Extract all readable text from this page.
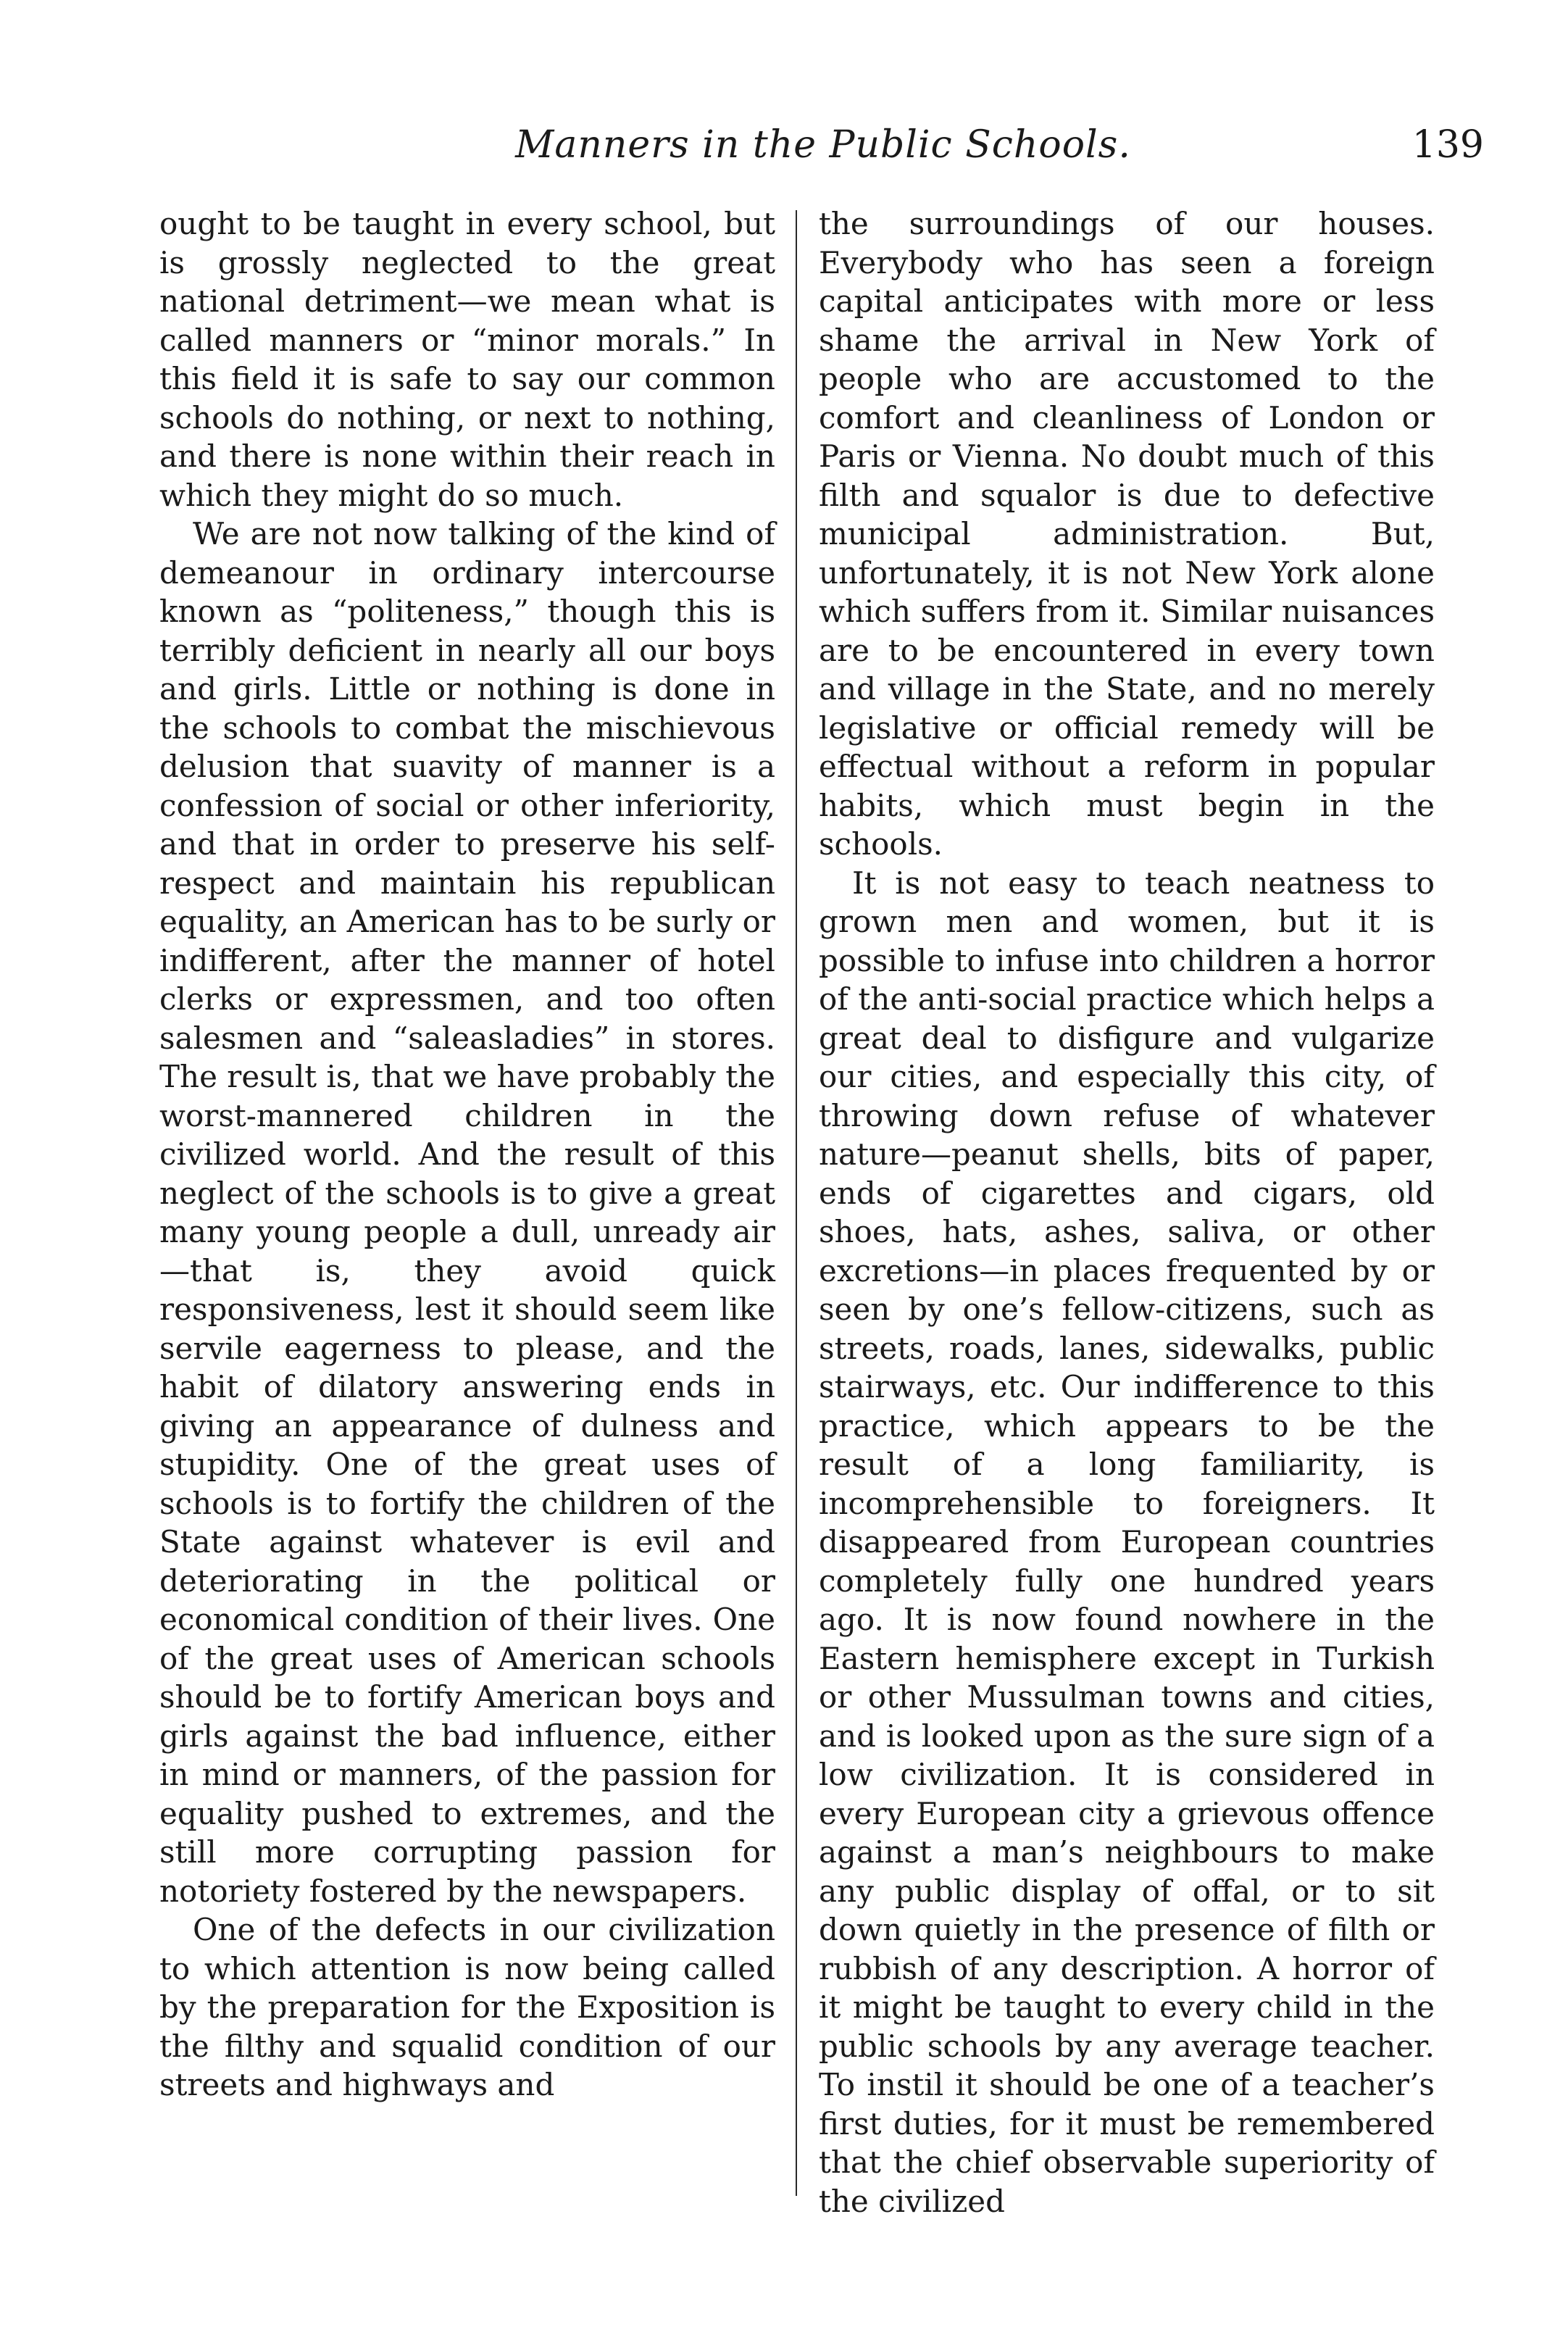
Manners in the Public Schools.	139

ought to be taught in every school, but is grossly neglected to the great national detriment—we mean what is called manners or “minor morals.” In this field it is safe to say our common schools do nothing, or next to nothing, and there is none within their reach in which they might do so much.

We are not now talking of the kind of demeanour in ordinary intercourse known as “politeness,” though this is terribly deficient in nearly all our boys and girls. Little or nothing is done in the schools to combat the mischievous delusion that suavity of manner is a confession of social or other inferiority, and that in order to preserve his self-respect and maintain his republican equality, an American has to be surly or indifferent, after the manner of hotel clerks or expressmen, and too often salesmen and “saleasladies” in stores. The result is, that we have probably the worst-mannered children in the civilized world. And the result of this neglect of the schools is to give a great many young people a dull, unready air—that is, they avoid quick responsiveness, lest it should seem like servile eagerness to please, and the habit of dilatory answering ends in giving an appearance of dulness and stupidity. One of the great uses of schools is to fortify the children of the State against whatever is evil and deteriorating in the political or economical condition of their lives. One of the great uses of American schools should be to fortify American boys and girls against the bad influence, either in mind or manners, of the passion for equality pushed to extremes, and the still more corrupting passion for notoriety fostered by the newspapers.

One of the defects in our civilization to which attention is now being called by the preparation for the Exposition is the filthy and squalid condition of our streets and highways and

the surroundings of our houses. Everybody who has seen a foreign capital anticipates with more or less shame the arrival in New York of people who are accustomed to the comfort and cleanliness of London or Paris or Vienna. No doubt much of this filth and squalor is due to defective municipal administration. But, unfortunately, it is not New York alone which suffers from it. Similar nuisances are to be encountered in every town and village in the State, and no merely legislative or official remedy will be effectual without a reform in popular habits, which must begin in the schools.

It is not easy to teach neatness to grown men and women, but it is possible to infuse into children a horror of the anti-social practice which helps a great deal to disfigure and vulgarize our cities, and especially this city, of throwing down refuse of whatever nature—peanut shells, bits of paper, ends of cigarettes and cigars, old shoes, hats, ashes, saliva, or other excretions—in places frequented by or seen by one’s fellow-citizens, such as streets, roads, lanes, sidewalks, public stairways, etc. Our indifference to this practice, which appears to be the result of a long familiarity, is incomprehensible to foreigners. It disappeared from European countries completely fully one hundred years ago. It is now found nowhere in the Eastern hemisphere except in Turkish or other Mussulman towns and cities, and is looked upon as the sure sign of a low civilization. It is considered in every European city a grievous offence against a man’s neighbours to make any public display of offal, or to sit down quietly in the presence of filth or rubbish of any description. A horror of it might be taught to every child in the public schools by any average teacher. To instil it should be one of a teacher’s first duties, for it must be remembered that the chief observable superiority of the civilized
